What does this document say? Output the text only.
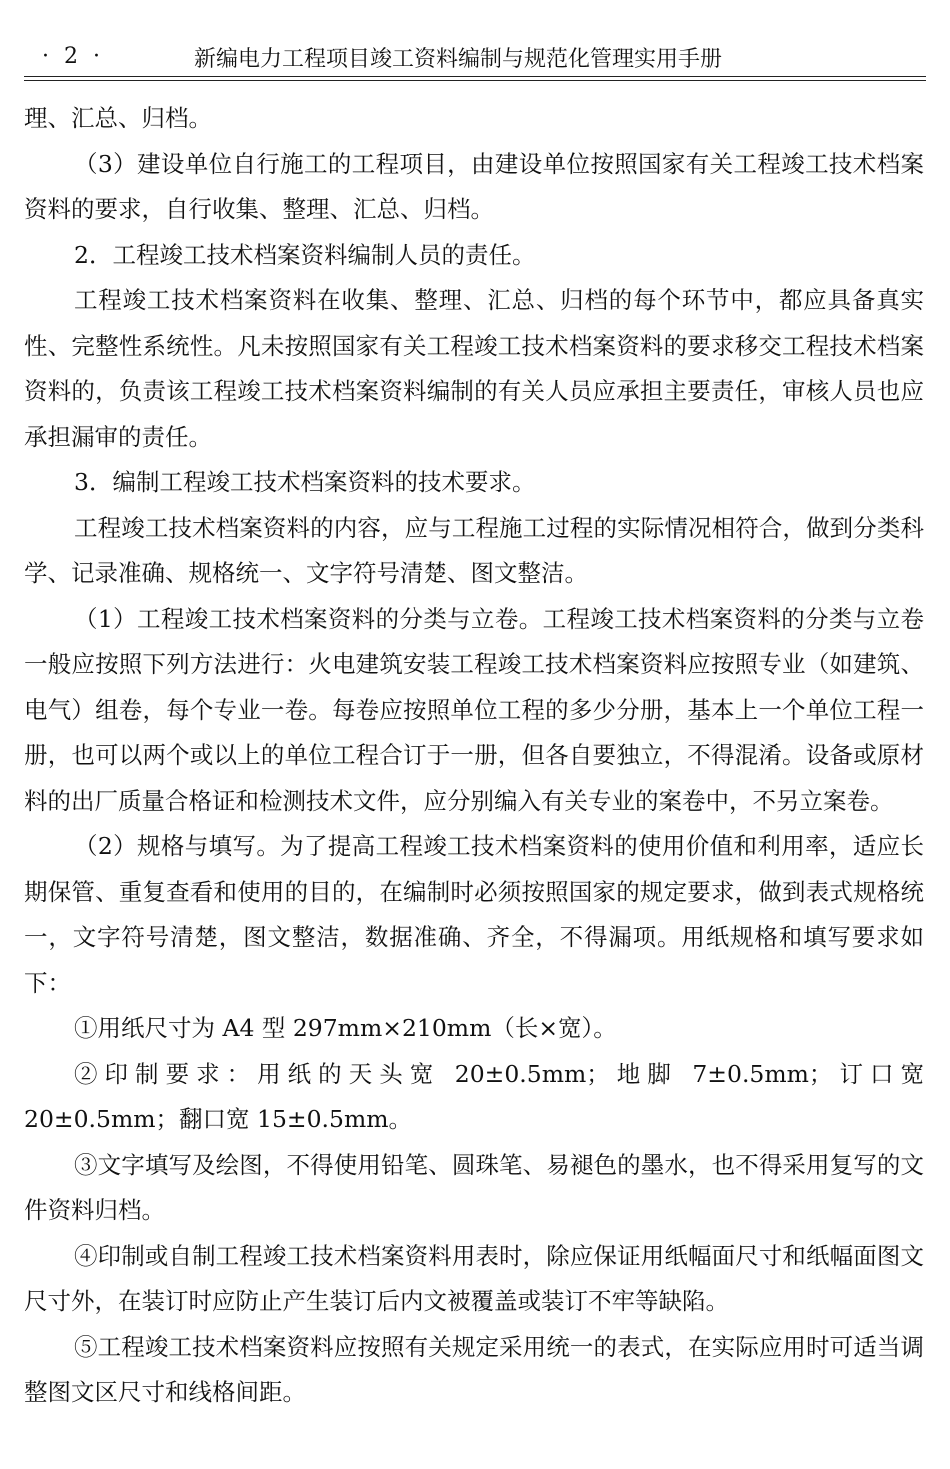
· 2 ·	新编电力工程项目竣工资料编制与规范化管理实用手册

理、汇总、归档。

（3）建设单位自行施工的工程项目，由建设单位按照国家有关工程竣工技术档案资料的要求，自行收集、整理、汇总、归档。

2．工程竣工技术档案资料编制人员的责任。

工程竣工技术档案资料在收集、整理、汇总、归档的每个环节中，都应具备真实性、完整性系统性。凡未按照国家有关工程竣工技术档案资料的要求移交工程技术档案资料的，负责该工程竣工技术档案资料编制的有关人员应承担主要责任，审核人员也应承担漏审的责任。

3．编制工程竣工技术档案资料的技术要求。

工程竣工技术档案资料的内容，应与工程施工过程的实际情况相符合，做到分类科学、记录准确、规格统一、文字符号清楚、图文整洁。

（1）工程竣工技术档案资料的分类与立卷。工程竣工技术档案资料的分类与立卷一般应按照下列方法进行：火电建筑安装工程竣工技术档案资料应按照专业（如建筑、电气）组卷，每个专业一卷。每卷应按照单位工程的多少分册，基本上一个单位工程一册，也可以两个或以上的单位工程合订于一册，但各自要独立，不得混淆。设备或原材料的出厂质量合格证和检测技术文件，应分别编入有关专业的案卷中，不另立案卷。

（2）规格与填写。为了提高工程竣工技术档案资料的使用价值和利用率，适应长期保管、重复查看和使用的目的，在编制时必须按照国家的规定要求，做到表式规格统一，文字符号清楚，图文整洁，数据准确、齐全，不得漏项。用纸规格和填写要求如下：

①用纸尺寸为 A4 型 297mm×210mm（长×宽）。

②印制要求：用纸的天头宽 20±0.5mm；地脚 7±0.5mm；订口宽 20±0.5mm；翻口宽 15±0.5mm。

③文字填写及绘图，不得使用铅笔、圆珠笔、易褪色的墨水，也不得采用复写的文件资料归档。

④印制或自制工程竣工技术档案资料用表时，除应保证用纸幅面尺寸和纸幅面图文尺寸外，在装订时应防止产生装订后内文被覆盖或装订不牢等缺陷。

⑤工程竣工技术档案资料应按照有关规定采用统一的表式，在实际应用时可适当调整图文区尺寸和线格间距。
